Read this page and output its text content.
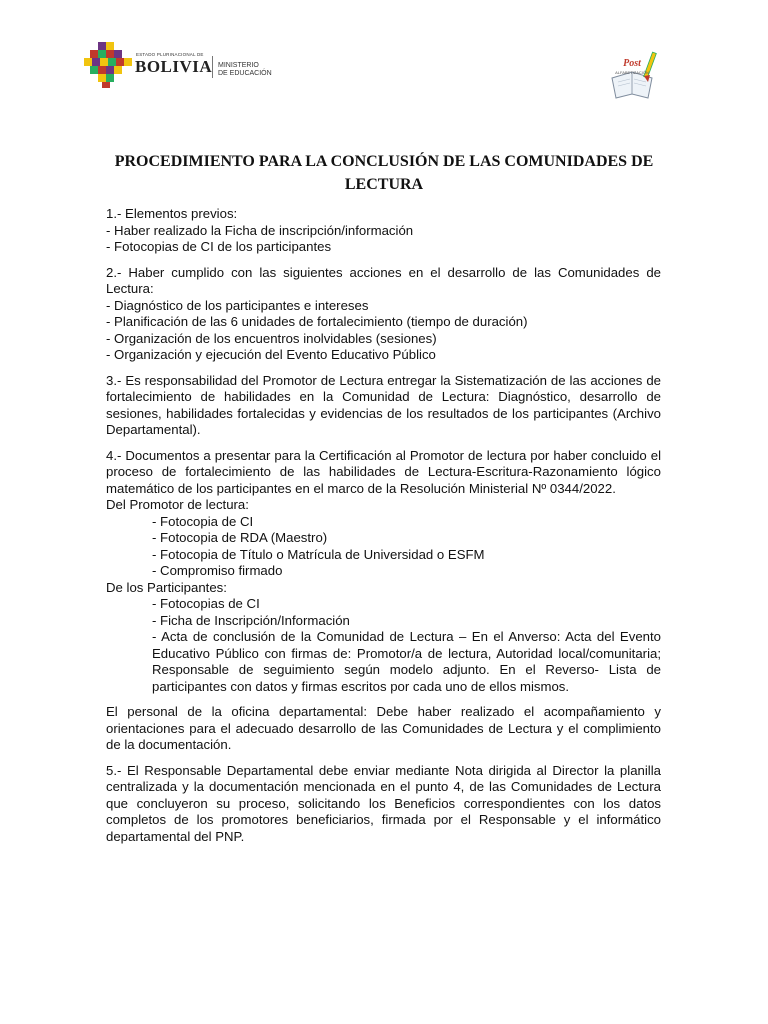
ESTADO PLURINACIONAL DE
BOLIVIA MINISTERIO
DE EDUCACIÓN
Post
ALFABETIZACIÓN
PROCEDIMIENTO PARA LA CONCLUSIÓN DE LAS COMUNIDADES DE
LECTURA
1.- Elementos previos:
- Haber realizado la Ficha de inscripción/información
- Fotocopias de CI de los participantes
2.- Haber cumplido con las siguientes acciones en el desarrollo de las Comunidades de
Lectura:
- Diagnóstico de los participantes e intereses
- Planificación de las 6 unidades de fortalecimiento (tiempo de duración)
- Organización de los encuentros inolvidables (sesiones)
- Organización y ejecución del Evento Educativo Público
3.- Es responsabilidad del Promotor de Lectura entregar la Sistematización de las acciones de fortalecimiento de habilidades en la Comunidad de Lectura: Diagnóstico, desarrollo de sesiones, habilidades fortalecidas y evidencias de los resultados de los participantes (Archivo Departamental).
4.- Documentos a presentar para la Certificación al Promotor de lectura por haber concluido el proceso de fortalecimiento de las habilidades de Lectura-Escritura-Razonamiento lógico matemático de los participantes en el marco de la Resolución Ministerial Nº 0344/2022.
Del Promotor de lectura:
- Fotocopia de CI
- Fotocopia de RDA (Maestro)
- Fotocopia de Título o Matrícula de Universidad o ESFM
- Compromiso firmado
De los Participantes:
- Fotocopias de CI
- Ficha de Inscripción/Información
- Acta de conclusión de la Comunidad de Lectura – En el Anverso: Acta del Evento Educativo Público con firmas de: Promotor/a de lectura, Autoridad local/comunitaria; Responsable de seguimiento según modelo adjunto. En el Reverso- Lista de participantes con datos y firmas escritos por cada uno de ellos mismos.
El personal de la oficina departamental: Debe haber realizado el acompañamiento y orientaciones para el adecuado desarrollo de las Comunidades de Lectura y el complimiento de la documentación.
5.- El Responsable Departamental debe enviar mediante Nota dirigida al Director la planilla centralizada y la documentación mencionada en el punto 4, de las Comunidades de Lectura que concluyeron su proceso, solicitando los Beneficios correspondientes con los datos completos de los promotores beneficiarios, firmada por el Responsable y el informático departamental del PNP.
